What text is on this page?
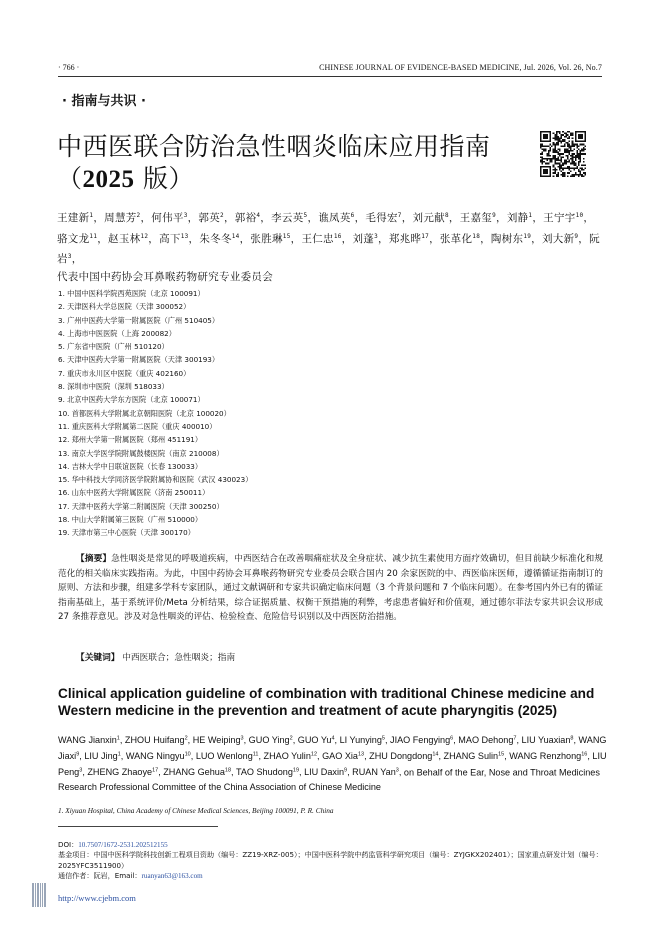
· 766 ·	CHINESE JOURNAL OF EVIDENCE-BASED MEDICINE, Jul. 2026, Vol. 26, No.7
· 指南与共识 ·
中西医联合防治急性咽炎临床应用指南
（2025 版）
王建新$^1$，周慧芳$^2$，何伟平$^3$，郭英$^2$，郭裕$^4$，李云英$^5$，谯凤英$^6$，毛得宏$^7$，刘元献$^8$，王嘉玺$^9$，刘静$^1$，王宁宇$^{10}$，骆文龙$^{11}$，赵玉林$^{12}$，高下$^{13}$，朱冬冬$^{14}$，张胜琳$^{15}$，王仁忠$^{16}$，刘蓬$^3$，郑兆晔$^{17}$，张革化$^{18}$，陶树东$^{19}$，刘大新$^9$，阮岩$^3$，
代表中国中药协会耳鼻喉药物研究专业委员会
1. 中国中医科学院西苑医院（北京 100091）
2. 天津医科大学总医院（天津 300052）
3. 广州中医药大学第一附属医院（广州 510405）
4. 上海市中医医院（上海 200082）
5. 广东省中医院（广州 510120）
6. 天津中医药大学第一附属医院（天津 300193）
7. 重庆市永川区中医院（重庆 402160）
8. 深圳市中医院（深圳 518033）
9. 北京中医药大学东方医院（北京 100071）
10. 首都医科大学附属北京朝阳医院（北京 100020）
11. 重庆医科大学附属第二医院（重庆 400010）
12. 郑州大学第一附属医院（郑州 451191）
13. 南京大学医学院附属鼓楼医院（南京 210008）
14. 吉林大学中日联谊医院（长春 130033）
15. 华中科技大学同济医学院附属协和医院（武汉 430023）
16. 山东中医药大学附属医院（济南 250011）
17. 天津中医药大学第二附属医院（天津 300250）
18. 中山大学附属第三医院（广州 510000）
19. 天津市第三中心医院（天津 300170）

【摘要】急性咽炎是常见的呼吸道疾病，中西医结合在改善咽痛症状及全身症状、减少抗生素使用方面疗效确切，但目前缺少标准化和规范化的相关临床实践指南。为此，中国中药协会耳鼻喉药物研究专业委员会联合国内 20 余家医院的中、西医临床医师，遵循循证指南制订的原则、方法和步骤，组建多学科专家团队，通过文献调研和专家共识确定临床问题（3 个背景问题和 7 个临床问题）。在参考国内外已有的循证指南基础上，基于系统评价/Meta 分析结果，综合证据质量、权衡干预措施的利弊，考虑患者偏好和价值观，通过德尔菲法专家共识会议形成 27 条推荐意见。涉及对急性咽炎的评估、检验检查、危险信号识别以及中西医防治措施。

【关键词】 中西医联合；急性咽炎；指南
Clinical application guideline of combination with traditional Chinese medicine and Western medicine in the prevention and treatment of acute pharyngitis (2025)
WANG Jianxin$^1$, ZHOU Huifang$^2$, HE Weiping$^3$, GUO Ying$^2$, GUO Yu$^4$, LI Yunying$^5$, JIAO Fengying$^6$, MAO Dehong$^7$, LIU Yuaxian$^8$, WANG Jiaxi$^9$, LIU Jing$^1$, WANG Ningyu$^{10}$, LUO Wenlong$^{11}$, ZHAO Yulin$^{12}$, GAO Xia$^{13}$, ZHU Dongdong$^{14}$, ZHANG Sulin$^{15}$, WANG Renzhong$^{16}$, LIU Peng$^3$, ZHENG Zhaoye$^{17}$, ZHANG Gehua$^{18}$, TAO Shudong$^{19}$, LIU Daxin$^9$, RUAN Yan$^3$, on Behalf of the Ear, Nose and Throat Medicines Research Professional Committee of the China Association of Chinese Medicine
1. Xiyuan Hospital, China Academy of Chinese Medical Sciences, Beijing 100091, P. R. China
DOI：10.7507/1672-2531.202512155
基金项目：中国中医科学院科技创新工程项目资助（编号：ZZ19-XRZ-005）；中国中医科学院中药监管科学研究项目（编号：ZYJGKX202401）；国家重点研发计划（编号：2025YFC3511900）
通信作者：阮岩，Email：ruanyan63@163.com
http://www.cjebm.com
